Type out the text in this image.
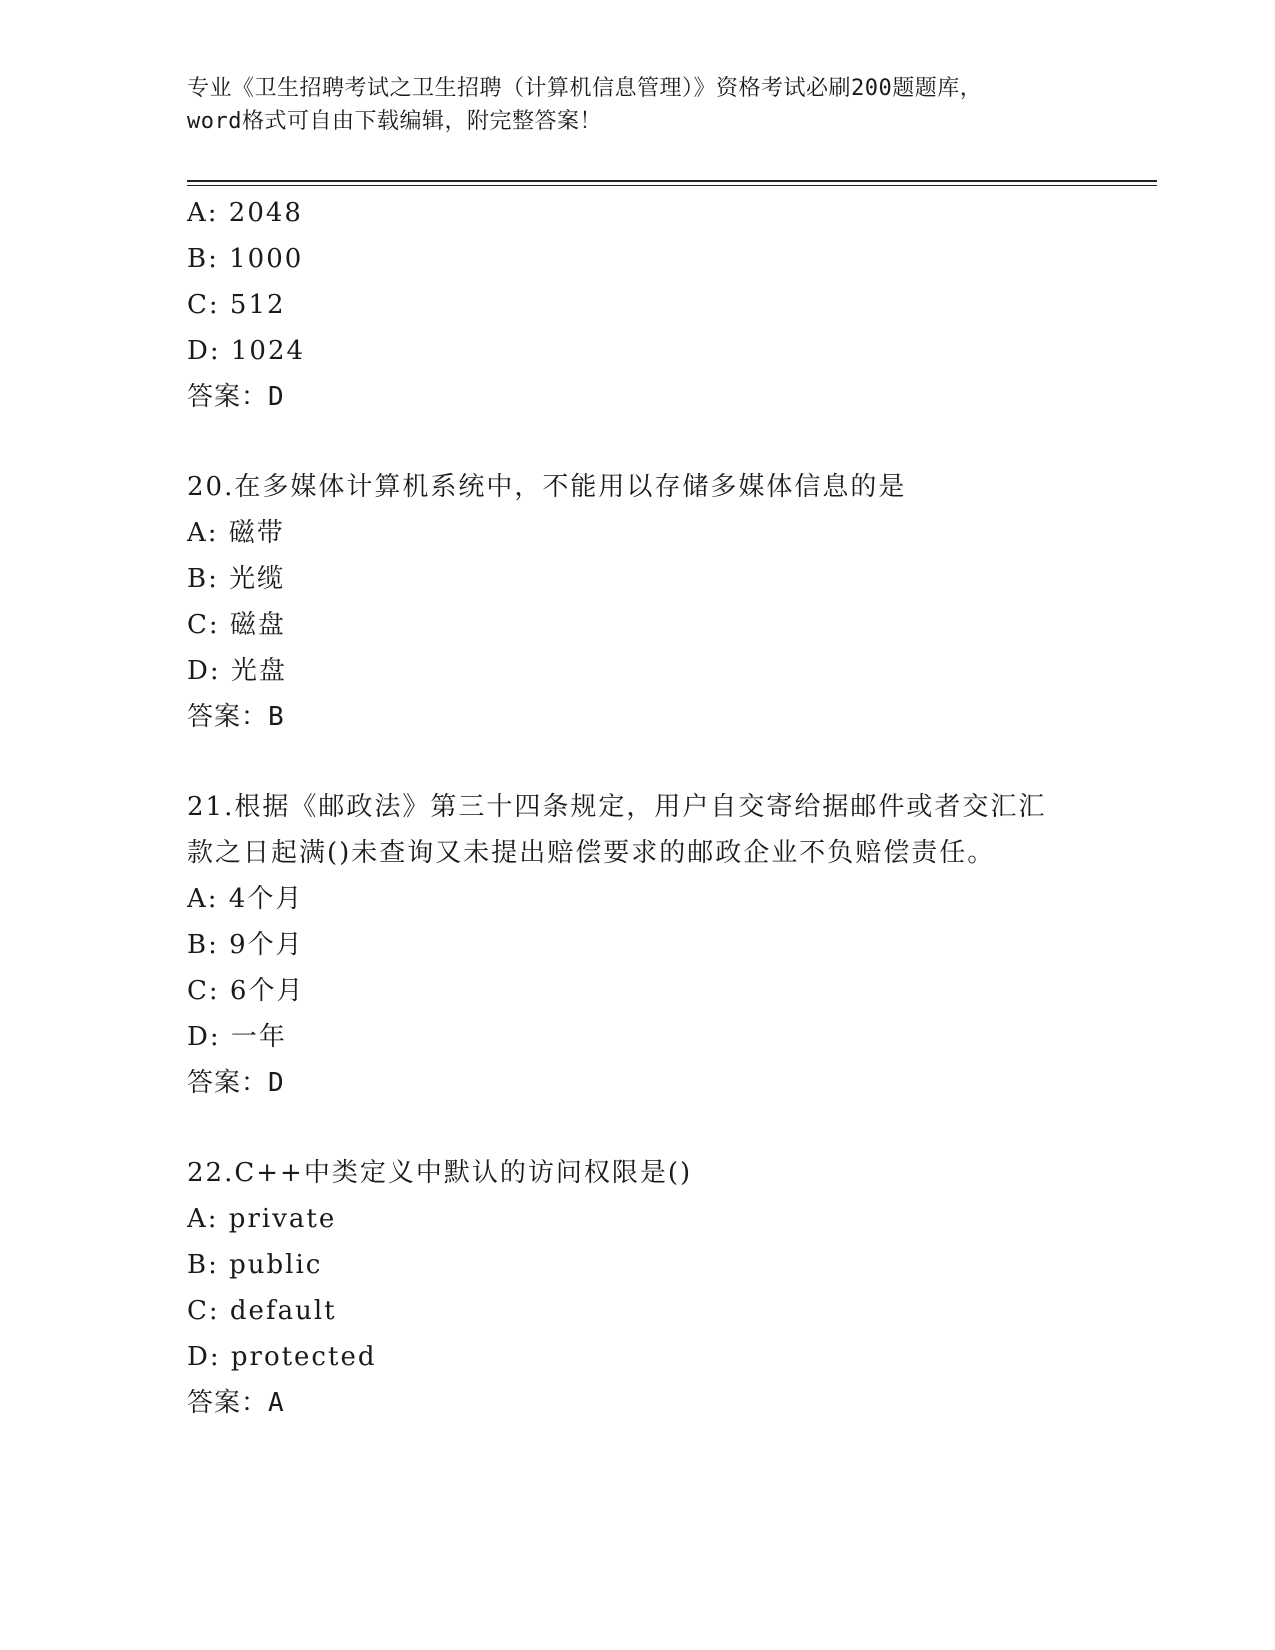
专业《卫生招聘考试之卫生招聘（计算机信息管理）》资格考试必刷200题题库，
word格式可自由下载编辑，附完整答案！
A: 2048
B: 1000
C: 512
D: 1024
答案：D
20.在多媒体计算机系统中，不能用以存储多媒体信息的是
A: 磁带
B: 光缆
C: 磁盘
D: 光盘
答案：B
21.根据《邮政法》第三十四条规定，用户自交寄给据邮件或者交汇汇
款之日起满()未查询又未提出赔偿要求的邮政企业不负赔偿责任。
A: 4个月
B: 9个月
C: 6个月
D: 一年
答案：D
22.C++中类定义中默认的访问权限是()
A: private
B: public
C: default
D: protected
答案：A
